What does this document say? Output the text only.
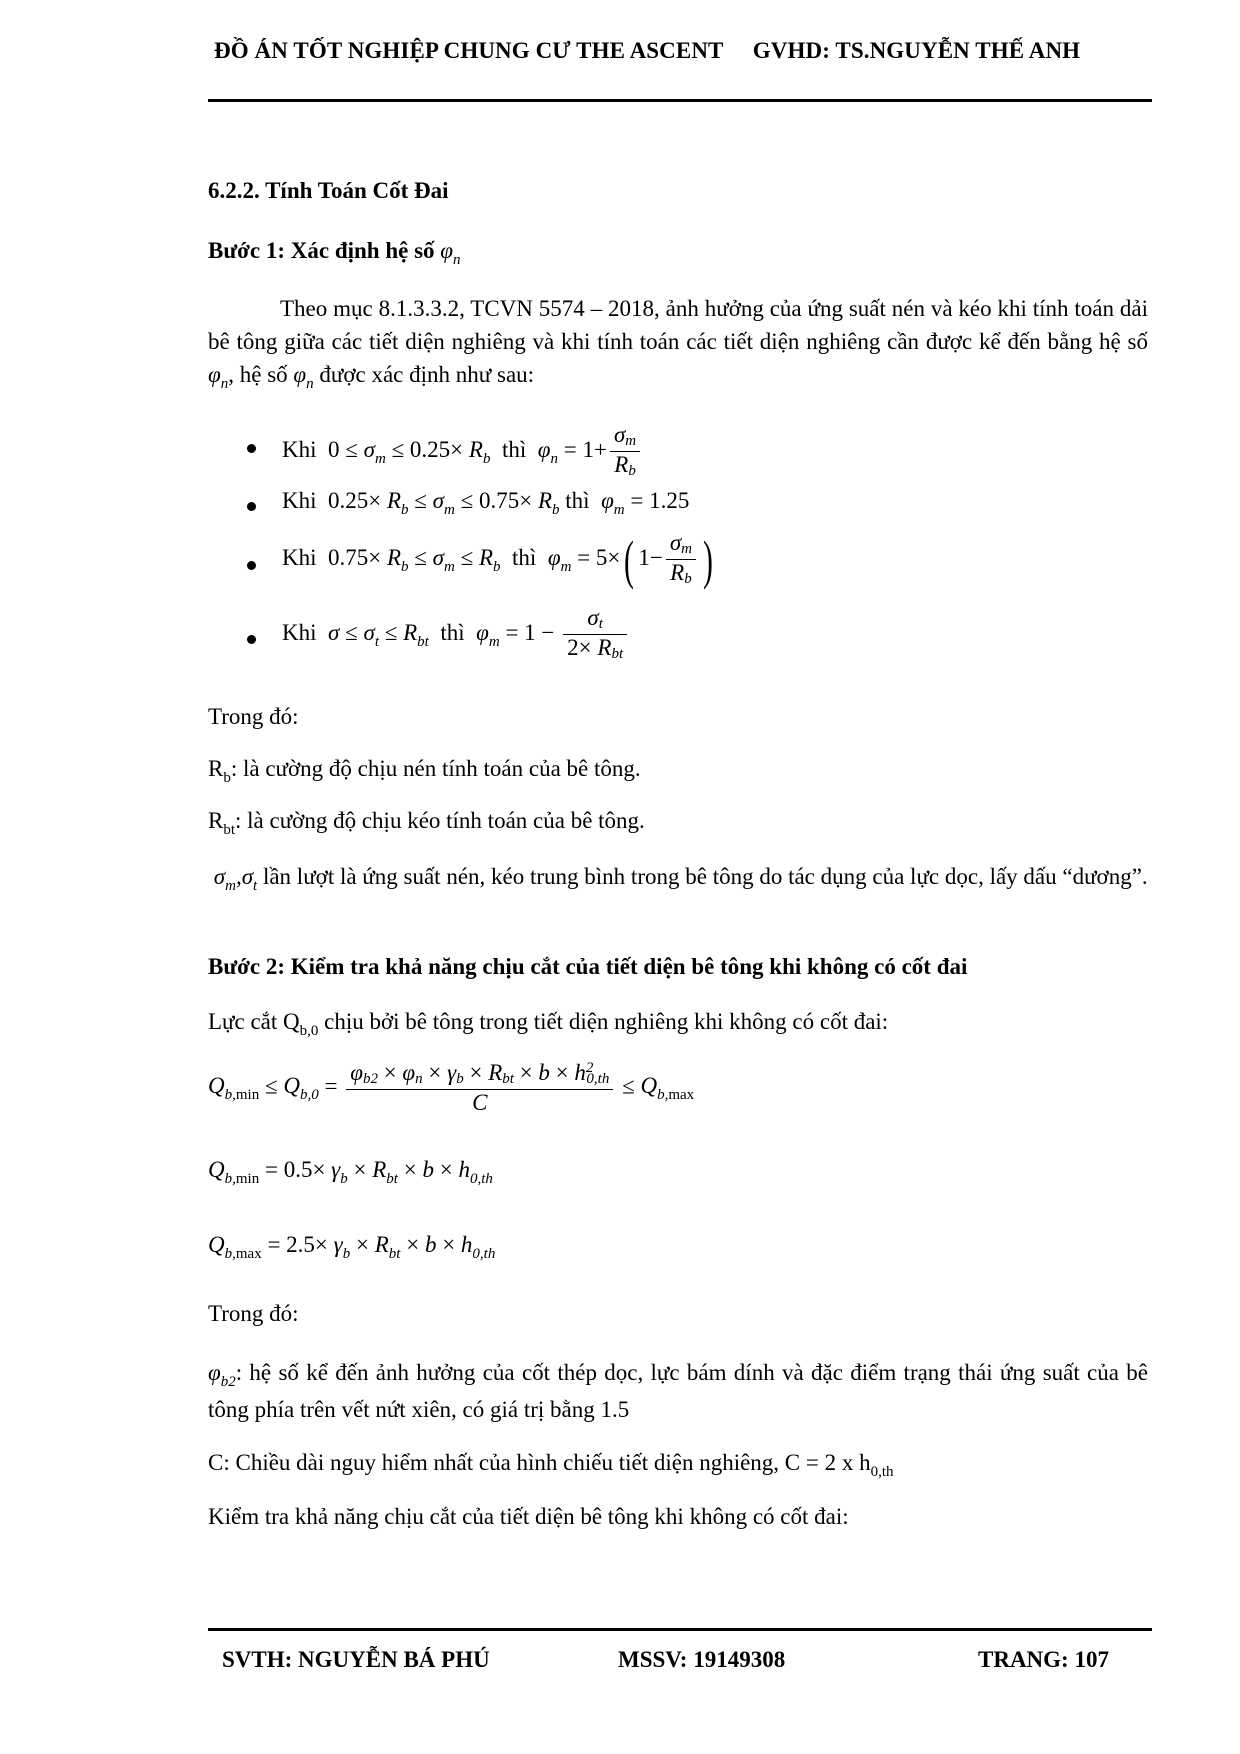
ĐỒ ÁN TỐT NGHIỆP CHUNG CƯ THE ASCENT GVHD: TS.NGUYỄN THẾ ANH
6.2.2. Tính Toán Cốt Đai
Bước 1: Xác định hệ số $\varphi_n$
Theo mục 8.1.3.3.2, TCVN 5574 – 2018, ảnh hưởng của ứng suất nén và kéo khi tính toán dải bê tông giữa các tiết diện nghiêng và khi tính toán các tiết diện nghiêng cần được kể đến bằng hệ số $\varphi_n$, hệ số $\varphi_n$ được xác định như sau:
Khi  $0 \le \sigma_m \le 0.25\times R_b$  thì  $\varphi_n = 1+ \frac{\sigma m}{Rb}$
Khi  $0.25\times R_b \le \sigma_m \le 0.75\times R_b$ thì  $\varphi_m = 1.25$
Khi  $0.75\times R_b \le \sigma_m \le R_b$  thì  $\varphi_m = 5\times$( $1- \frac{\sigma m}{Rb}$ )
Khi  $\sigma \le \sigma_t \le R_{bt}$  thì  $\varphi_m = 1 - \frac{\sigma t}{\text{2× Rbt}}$
Trong đó:
$R_b$: là cường độ chịu nén tính toán của bê tông.
$R_{bt}$: là cường độ chịu kéo tính toán của bê tông.
$\sigma_m,\sigma_t$ lần lượt là ứng suất nén, kéo trung bình trong bê tông do tác dụng của lực dọc, lấy dấu “dương”.
Bước 2: Kiểm tra khả năng chịu cắt của tiết diện bê tông khi không có cốt đai
Lực cắt $Q_{b,0}$ chịu bởi bê tông trong tiết diện nghiêng khi không có cốt đai:
$Q_{b,min} \le Q_{b,0} = \frac{\varphi b2 \times \varphi n \times \gamma b \times Rbt \times b \times h^20,th}{C} \le Q_{b,max}$
$Q_{b,min} = 0.5\times \gamma_b \times R_{bt} \times b \times h_{0,th}$
$Q_{b,max} = 2.5\times \gamma_b \times R_{bt} \times b \times h_{0,th}$
Trong đó:
$\varphi_{b2}$: hệ số kể đến ảnh hưởng của cốt thép dọc, lực bám dính và đặc điểm trạng thái ứng suất của bê tông phía trên vết nứt xiên, có giá trị bằng 1.5
C: Chiều dài nguy hiểm nhất của hình chiếu tiết diện nghiêng, C = 2 x $h_{0,th}$
Kiểm tra khả năng chịu cắt của tiết diện bê tông khi không có cốt đai:
SVTH: NGUYỄN BÁ PHÚ	MSSV: 19149308	TRANG: 107
